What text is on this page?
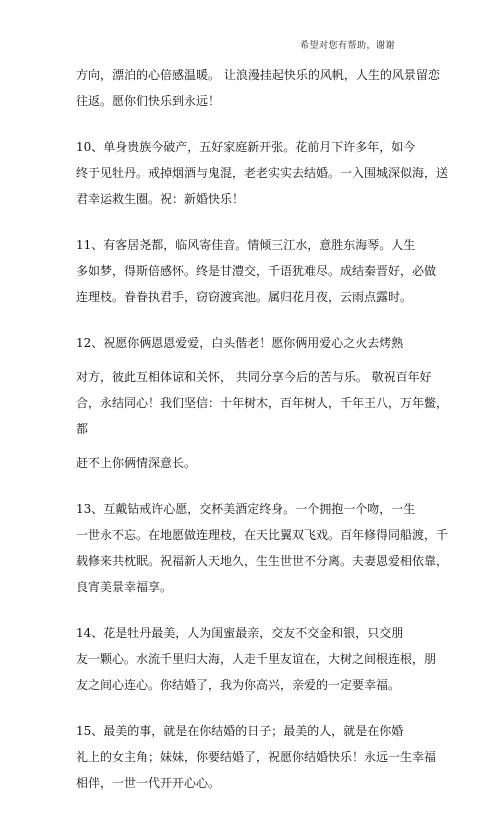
希望对您有帮助，谢谢
方向，漂泊的心倍感温暖。 让浪漫挂起快乐的风帆，人生的风景留恋
往返。愿你们快乐到永远！
10、单身贵族今破产，五好家庭新开张。花前月下许多年，如今
终于见牡丹。戒掉烟酒与鬼混，老老实实去结婚。一入围城深似海，送
君幸运救生圈。祝：新婚快乐！
11、有客居尧都，临风寄佳音。情倾三江水，意胜东海琴。人生
多如梦，得斯倍感怀。终是甘澧交，千语犹难尽。成结秦晋好，必做
连理枝。眷眷执君手，窃窃渡宾池。属归花月夜，云雨点露时。
12、祝愿你俩恩恩爱爱，白头偕老！愿你俩用爱心之火去烤熟
对方，彼此互相体谅和关怀， 共同分享今后的苦与乐。 敬祝百年好
合，永结同心！我们坚信：十年树木，百年树人，千年王八，万年鳖，
都
赶不上你俩情深意长。
13、互戴钻戒许心愿，交杯美酒定终身。一个拥抱一个吻，一生
一世永不忘。在地愿做连理枝，在天比翼双飞戏。百年修得同船渡，千
载修来共枕眠。祝福新人天地久，生生世世不分离。夫妻恩爱相依靠，
良宵美景幸福享。
14、花是牡丹最美，人为闺蜜最亲，交友不交金和银，只交朋
友一颗心。水流千里归大海，人走千里友谊在，大树之间根连根，朋
友之间心连心。你结婚了，我为你高兴，亲爱的一定要幸福。
15、最美的事，就是在你结婚的日子；最美的人，就是在你婚
礼上的女主角；妹妹，你要结婚了，祝愿你结婚快乐！永远一生幸福
相伴，一世一代开开心心。
